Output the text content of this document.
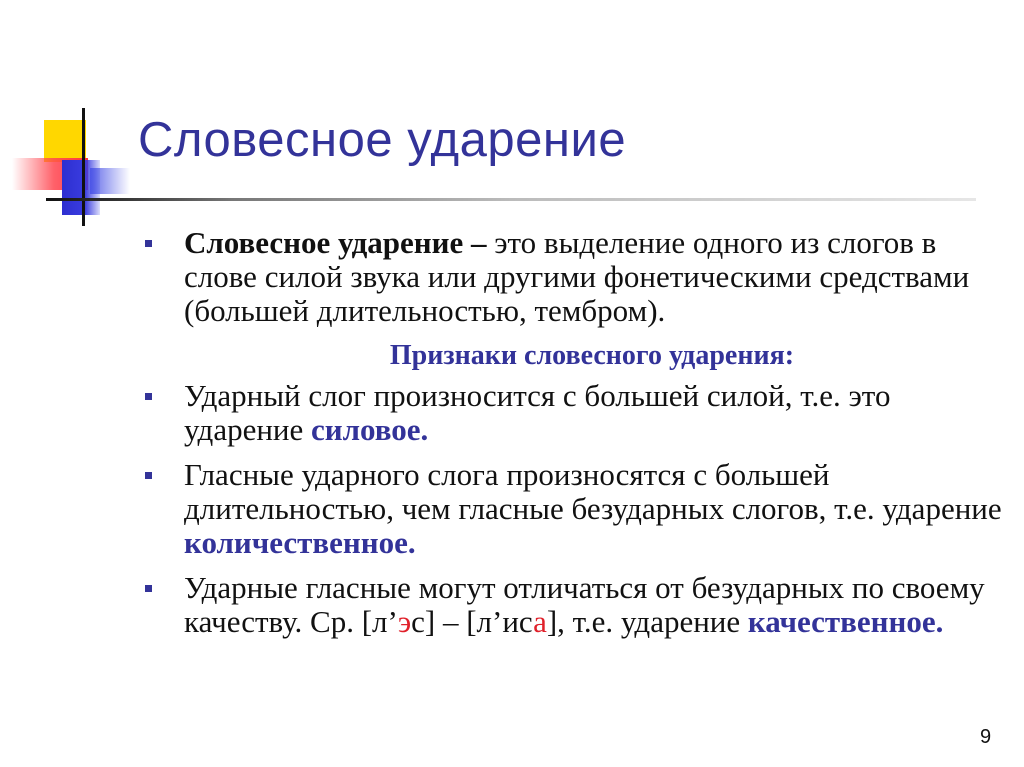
Словесное ударение
Словесное ударение – это выделение одного из слогов в слове силой звука или другими фонетическими средствами (большей длительностью, тембром).
Признаки словесного ударения:
Ударный слог произносится с большей силой, т.е. это ударение силовое.
Гласные ударного слога произносятся с большей длительностью, чем гласные безударных слогов, т.е. ударение количественное.
Ударные гласные могут отличаться от безударных по своему качеству. Ср. [л’эс] – [л’иса], т.е. ударение качественное.
9
